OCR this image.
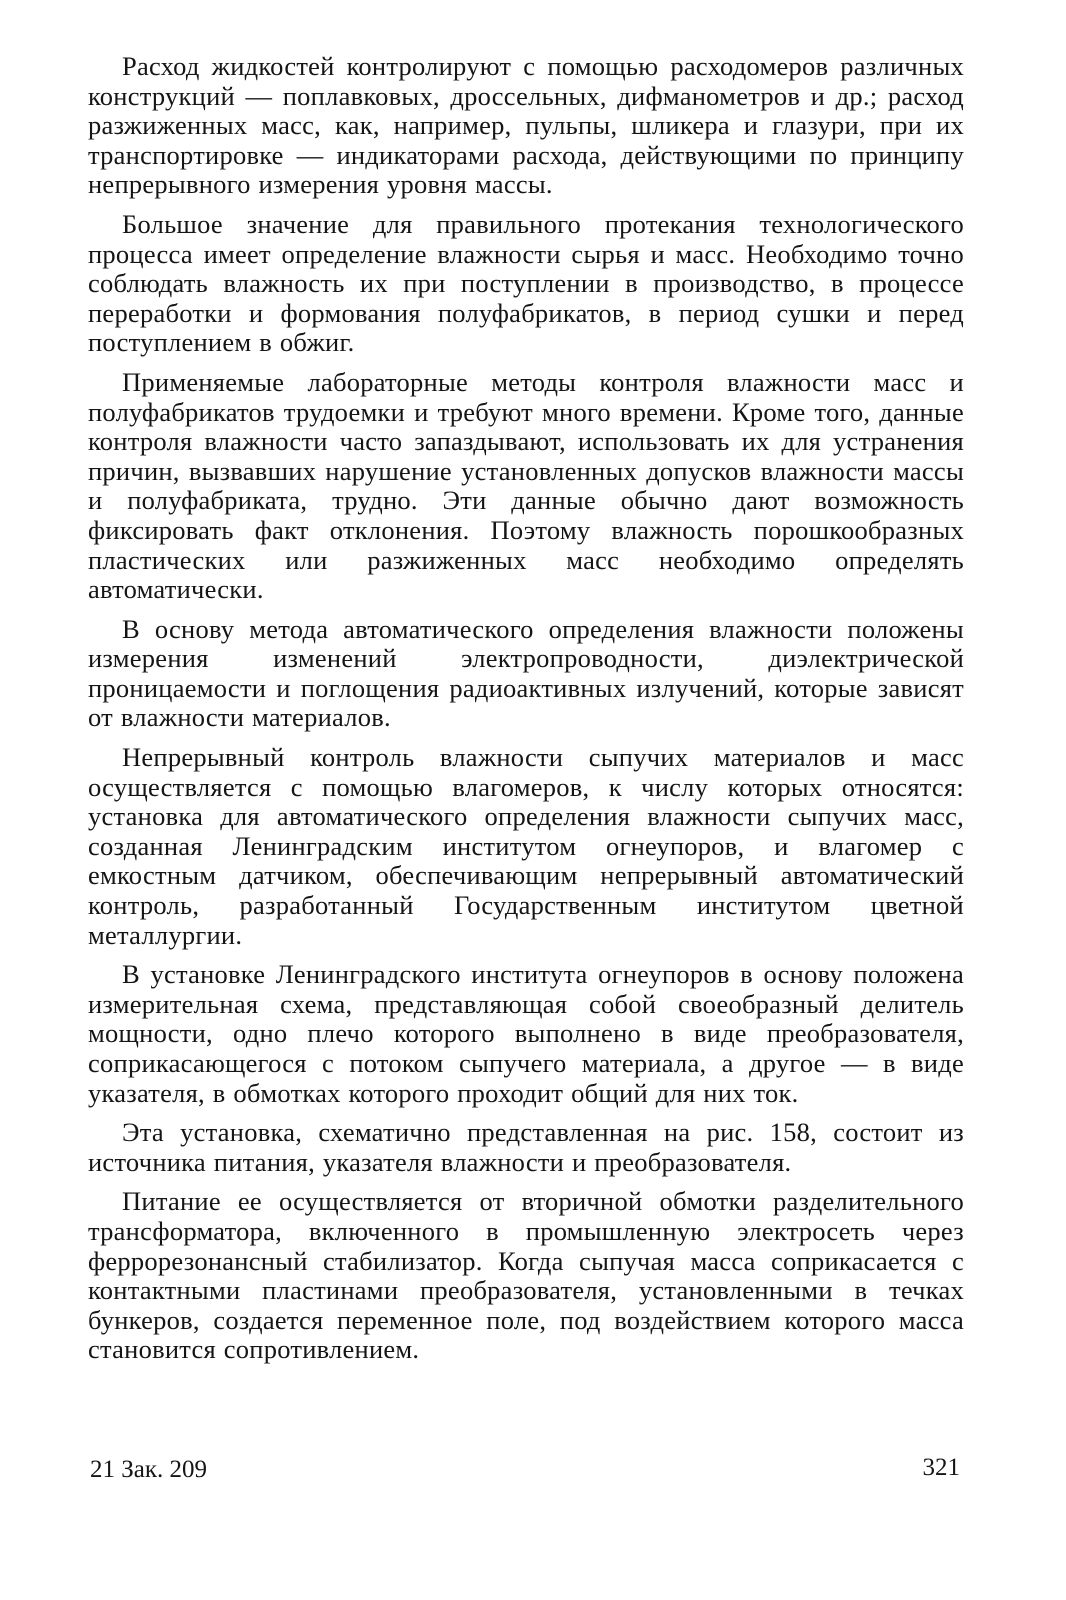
Расход жидкостей контролируют с помощью расходомеров различных конструкций — поплавковых, дроссельных, дифманометров и др.; расход разжиженных масс, как, например, пульпы, шликера и глазури, при их транспортировке — индикаторами расхода, действующими по принципу непрерывного измерения уровня массы.

Большое значение для правильного протекания технологического процесса имеет определение влажности сырья и масс. Необходимо точно соблюдать влажность их при поступлении в производство, в процессе переработки и формования полуфабрикатов, в период сушки и перед поступлением в обжиг.

Применяемые лабораторные методы контроля влажности масс и полуфабрикатов трудоемки и требуют много времени. Кроме того, данные контроля влажности часто запаздывают, использовать их для устранения причин, вызвавших нарушение установленных допусков влажности массы и полуфабриката, трудно. Эти данные обычно дают возможность фиксировать факт отклонения. Поэтому влажность порошкообразных пластических или разжиженных масс необходимо определять автоматически.

В основу метода автоматического определения влажности положены измерения изменений электропроводности, диэлектрической проницаемости и поглощения радиоактивных излучений, которые зависят от влажности материалов.

Непрерывный контроль влажности сыпучих материалов и масс осуществляется с помощью влагомеров, к числу которых относятся: установка для автоматического определения влажности сыпучих масс, созданная Ленинградским институтом огнеупоров, и влагомер с емкостным датчиком, обеспечивающим непрерывный автоматический контроль, разработанный Государственным институтом цветной металлургии.

В установке Ленинградского института огнеупоров в основу положена измерительная схема, представляющая собой своеобразный делитель мощности, одно плечо которого выполнено в виде преобразователя, соприкасающегося с потоком сыпучего материала, а другое — в виде указателя, в обмотках которого проходит общий для них ток.

Эта установка, схематично представленная на рис. 158, состоит из источника питания, указателя влажности и преобразователя.

Питание ее осуществляется от вторичной обмотки разделительного трансформатора, включенного в промышленную электросеть через феррорезонансный стабилизатор. Когда сыпучая масса соприкасается с контактными пластинами преобразователя, установленными в течках бункеров, создается переменное поле, под воздействием которого масса становится сопротивлением.

21 Зак. 209	321
